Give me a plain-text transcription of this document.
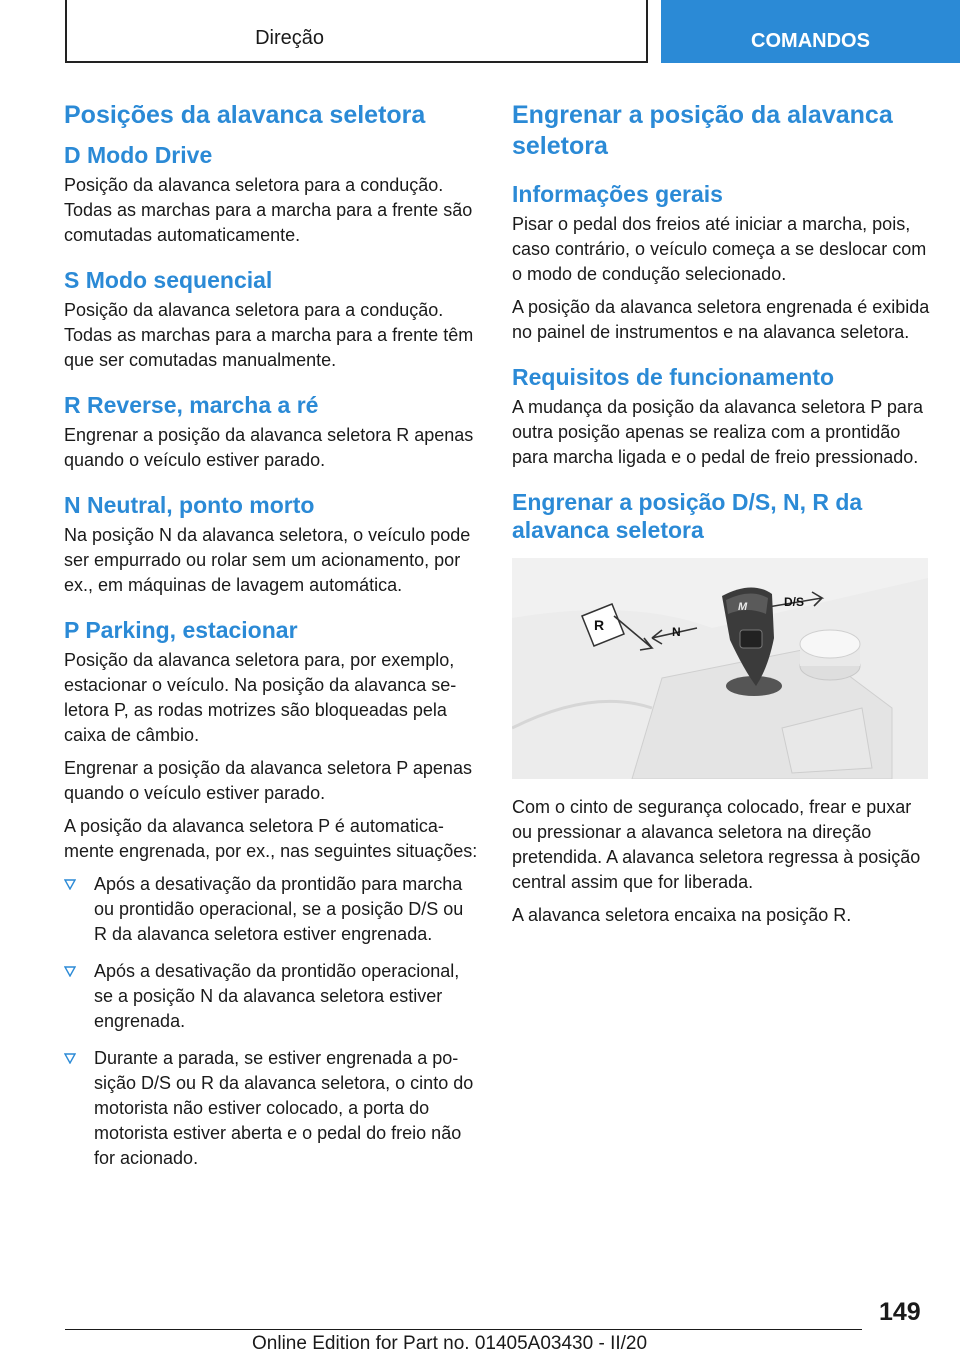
Direção	COMANDOS
Posições da alavanca seletora
D Modo Drive

Posição da alavanca seletora para a condução. Todas as marchas para a marcha para a frente são comutadas automaticamente.

S Modo sequencial

Posição da alavanca seletora para a condução. Todas as marchas para a marcha para a frente têm que ser comutadas manualmente.

R Reverse, marcha a ré

Engrenar a posição da alavanca seletora R apenas quando o veículo estiver parado.

N Neutral, ponto morto

Na posição N da alavanca seletora, o veículo pode ser empurrado ou rolar sem um acionamento, por ex., em máquinas de lavagem automática.

P Parking, estacionar

Posição da alavanca seletora para, por exemplo, estacionar o veículo. Na posição da alavanca seletora P, as rodas motrizes são bloqueadas pela caixa de câmbio.

Engrenar a posição da alavanca seletora P apenas quando o veículo estiver parado.

A posição da alavanca seletora P é automaticamente engrenada, por ex., nas seguintes situações:

Após a desativação da prontidão para marcha ou prontidão operacional, se a posição D/S ou R da alavanca seletora estiver engrenada.
Após a desativação da prontidão operacional, se a posição N da alavanca seletora estiver engrenada.
Durante a parada, se estiver engrenada a posição D/S ou R da alavanca seletora, o cinto do motorista não estiver colocado, a porta do motorista estiver aberta e o pedal do freio não for acionado.
Engrenar a posição da alavanca seletora
Informações gerais

Pisar o pedal dos freios até iniciar a marcha, pois, caso contrário, o veículo começa a se deslocar com o modo de condução selecionado.

A posição da alavanca seletora engrenada é exibida no painel de instrumentos e na alavanca seletora.

Requisitos de funcionamento

A mudança da posição da alavanca seletora P para outra posição apenas se realiza com a prontidão para marcha ligada e o pedal de freio pressionado.

Engrenar a posição D/S, N, R da alavanca seletora
R	N
D/S
M

Com o cinto de segurança colocado, frear e puxar ou pressionar a alavanca seletora na direção pretendida. A alavanca seletora regressa à posição central assim que for liberada.

A alavanca seletora encaixa na posição R.

149
Online Edition for Part no. 01405A03430 - II/20
